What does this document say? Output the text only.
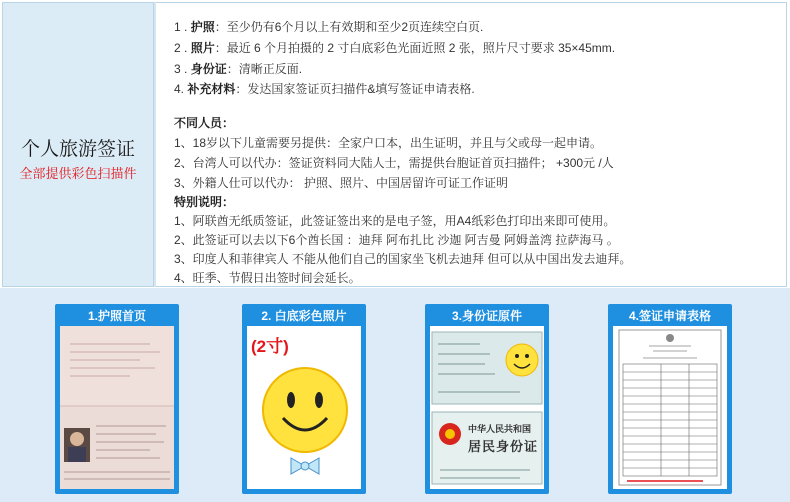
个人旅游签证
全部提供彩色扫描件
1 . 护照：至少仍有6个月以上有效期和至少2页连续空白页.
2 . 照片：最近 6 个月拍摄的 2 寸白底彩色光面近照 2 张，照片尺寸要求 35×45mm.
3 . 身份证：清晰正反面.
4. 补充材料：发达国家签证页扫描件&填写签证申请表格.
不同人员：
1、18岁以下儿童需要另提供：全家户口本，出生证明，并且与父或母一起申请。
2、台湾人可以代办：签证资料同大陆人士，需提供台胞证首页扫描件； +300元 /人
3、外籍人仕可以代办： 护照、照片、中国居留许可证工作证明
特别说明：
1、阿联酋无纸质签证，此签证签出来的是电子签，用A4纸彩色打印出来即可使用。
2、此签证可以去以下6个酋长国 ：迪拜 阿布扎比 沙迦 阿吉曼 阿姆盖湾 拉萨海马 。
3、印度人和菲律宾人 不能从他们自己的国家坐飞机去迪拜 但可以从中国出发去迪拜。
4、旺季、节假日出签时间会延长。
1.护照首页	2. 白底彩色照片
(2寸)
3.身份证原件
中华人民共和国
居民身份证
4.签证申请表格
